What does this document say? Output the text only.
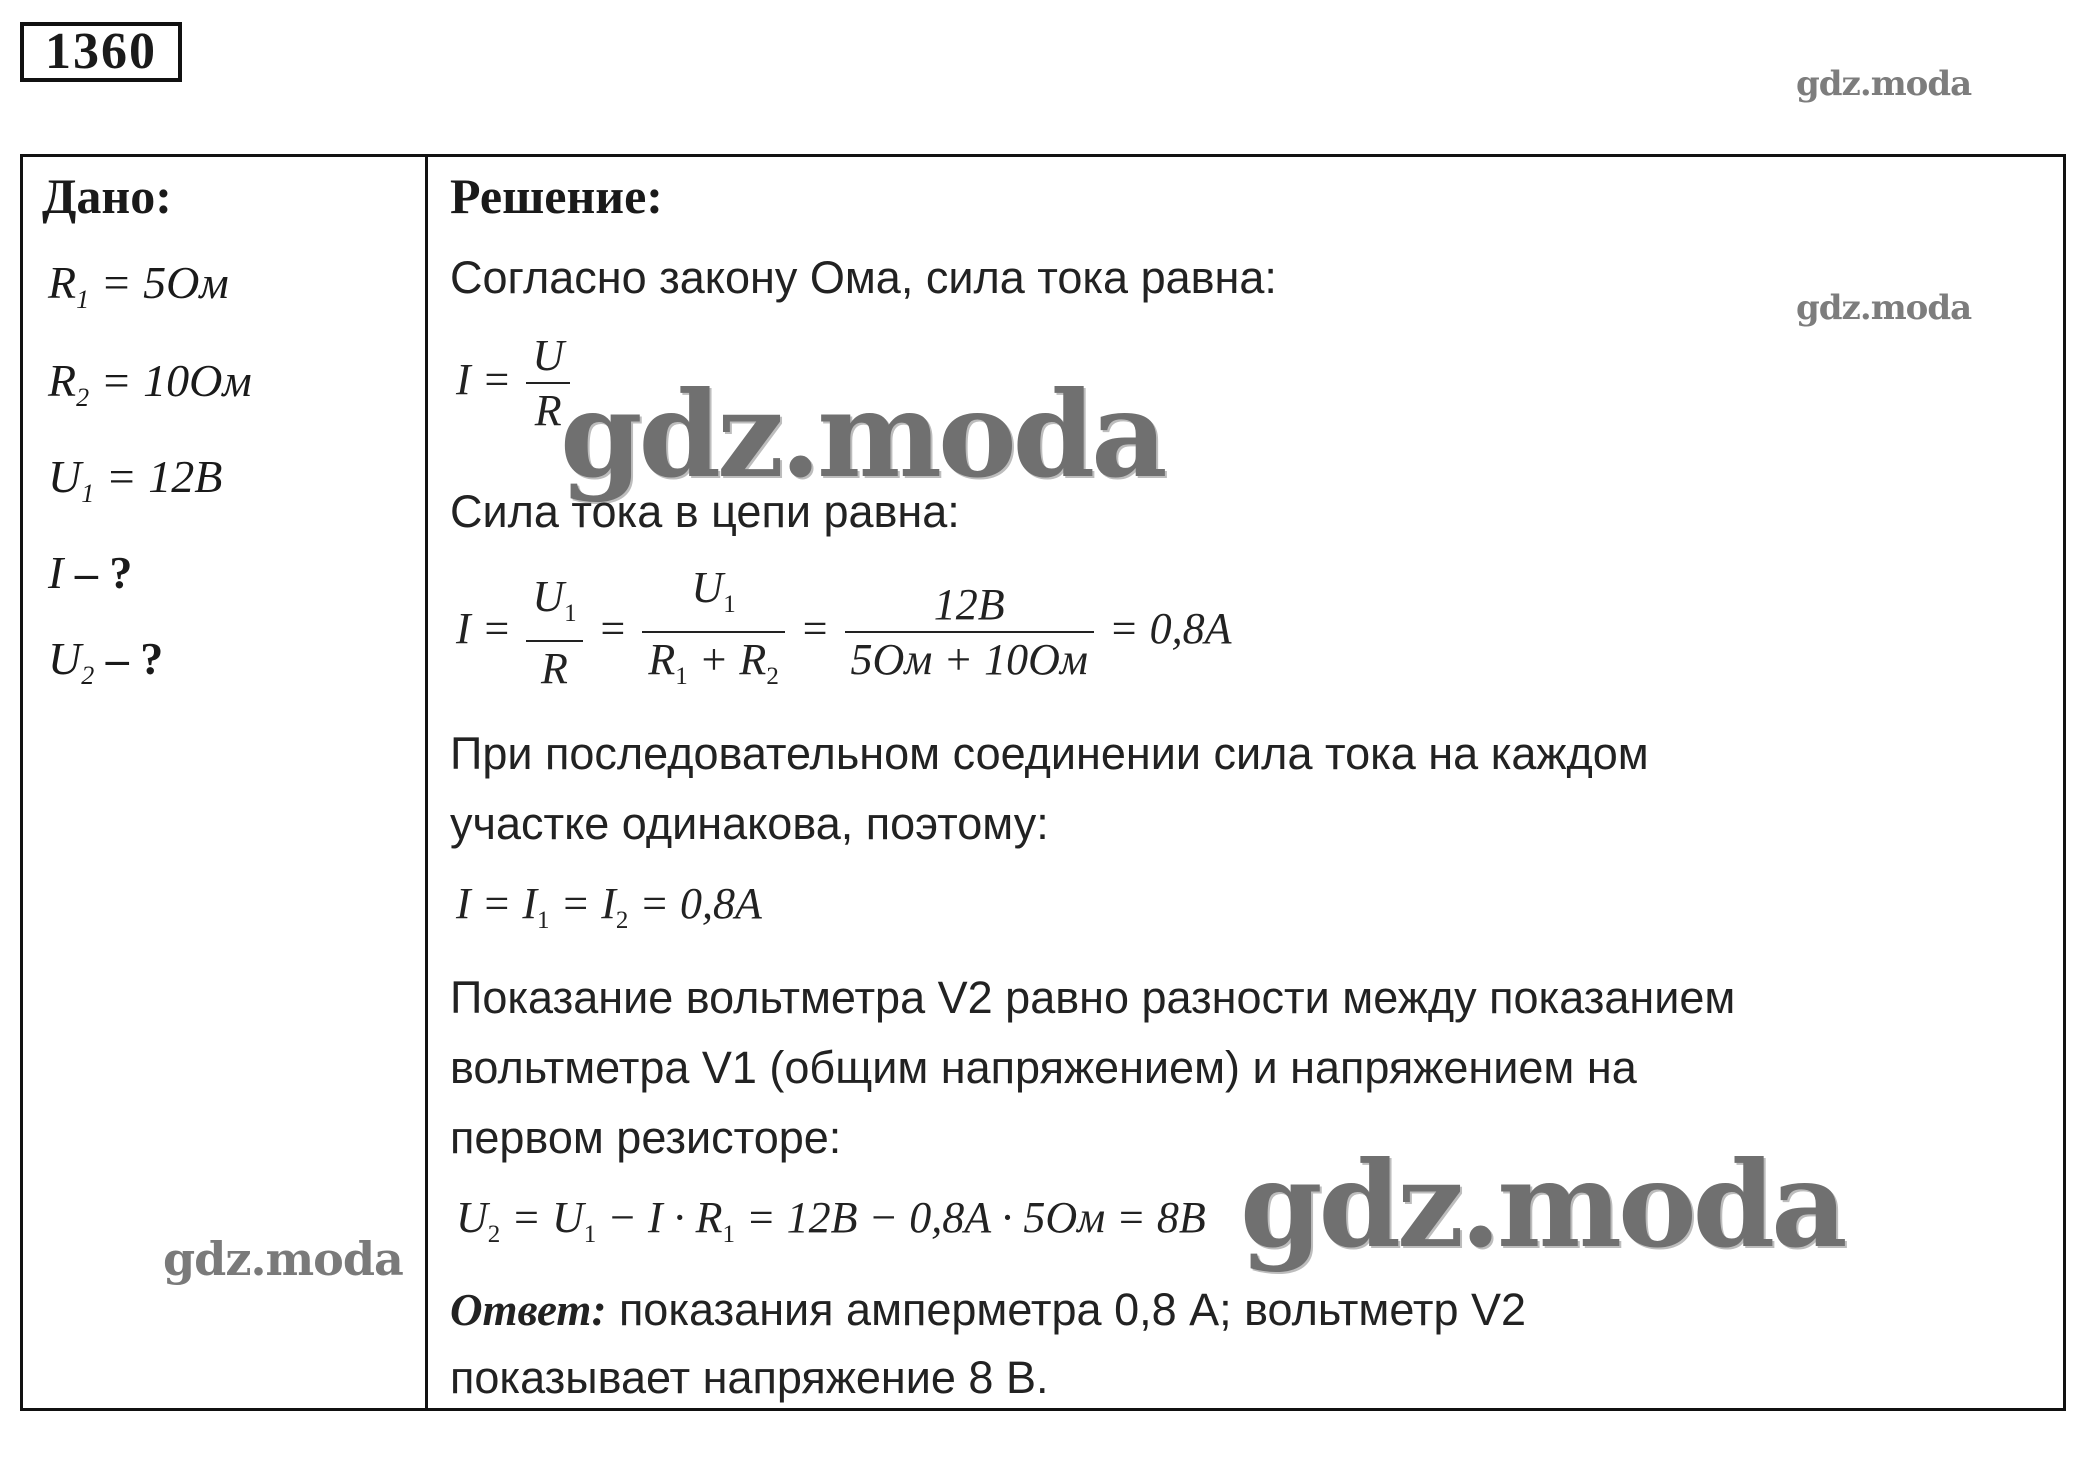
1360
gdz.moda
gdz.moda
gdz.moda
gdz.moda	gdz.moda
Дано:
$R_1 = 5Ом$
$R_2 = 10Ом$
$U_1 = 12B$
I – ?
$U_2$ – ?
Решение:
Согласно закону Ома, сила тока равна:
$I = \frac{U}{R}$
Сила тока в цепи равна:
$I = \frac{U_1}{R} = \frac{U_1}{R_1 + R_2} = \frac{12B}{5Ом + 10Ом} = 0,8A$
При последовательном соединении сила тока на каждом
участке одинакова, поэтому:
$I = I_1 = I_2 = 0,8A$
Показание вольтметра V2 равно разности между показанием
вольтметра V1 (общим напряжением) и напряжением на
первом резисторе:
$U_2 = U_1 - I \cdot R_1 = 12B - 0,8A \cdot 5Ом = 8B$
Ответ: показания амперметра 0,8 А; вольтметр V2
показывает напряжение 8 В.
